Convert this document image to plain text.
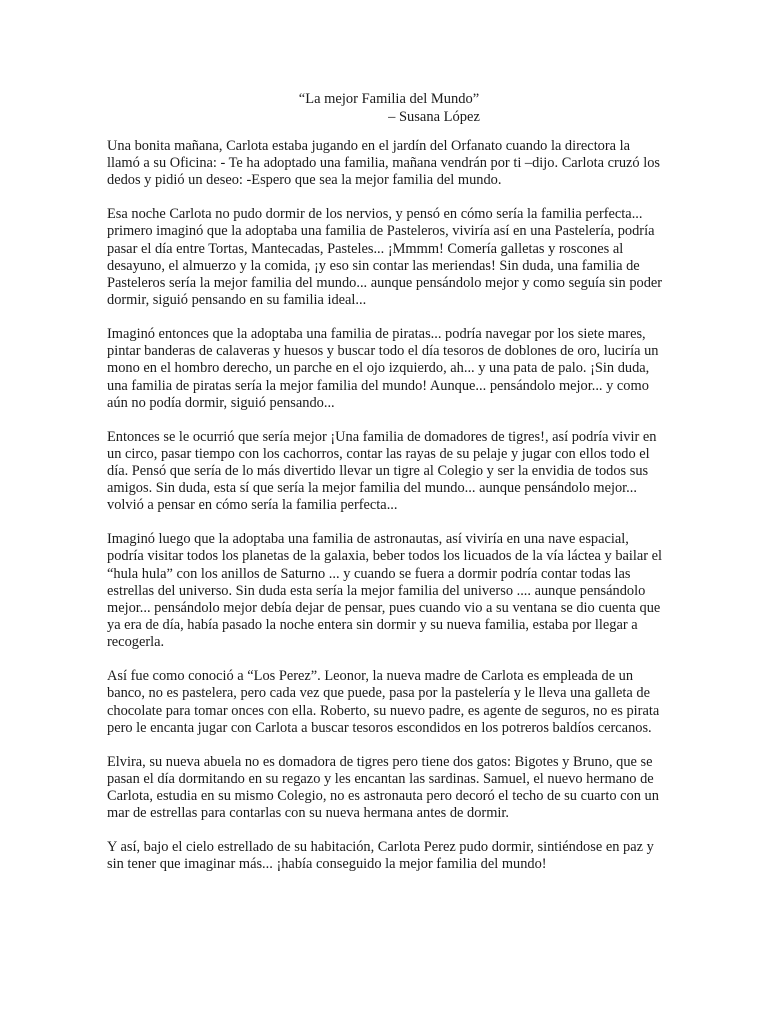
“La mejor Familia del Mundo”
– Susana López

Una bonita mañana, Carlota estaba jugando en el jardín del Orfanato cuando la directora la llamó a su Oficina: - Te ha adoptado una familia, mañana vendrán por ti –dijo. Carlota cruzó los dedos y pidió un deseo: -Espero que sea la mejor familia del mundo.

Esa noche Carlota no pudo dormir de los nervios, y pensó en cómo sería la familia perfecta... primero imaginó que la adoptaba una familia de Pasteleros, viviría así en una Pastelería, podría pasar el día entre Tortas, Mantecadas, Pasteles... ¡Mmmm! Comería galletas y roscones al desayuno, el almuerzo y la comida, ¡y eso sin contar las meriendas! Sin duda, una familia de Pasteleros sería la mejor familia del mundo... aunque pensándolo mejor y como seguía sin poder dormir, siguió pensando en su familia ideal...

Imaginó entonces que la adoptaba una familia de piratas... podría navegar por los siete mares, pintar banderas de calaveras y huesos y buscar todo el día tesoros de doblones de oro, luciría un mono en el hombro derecho, un parche en el ojo izquierdo, ah... y una pata de palo. ¡Sin duda, una familia de piratas sería la mejor familia del mundo! Aunque... pensándolo mejor... y como aún no podía dormir, siguió pensando...

Entonces se le ocurrió que sería mejor ¡Una familia de domadores de tigres!, así podría vivir en un circo, pasar tiempo con los cachorros, contar las rayas de su pelaje y jugar con ellos todo el día. Pensó que sería de lo más divertido llevar un tigre al Colegio y ser la envidia de todos sus amigos. Sin duda, esta sí que sería la mejor familia del mundo... aunque pensándolo mejor... volvió a pensar en cómo sería la familia perfecta...

Imaginó luego que la adoptaba una familia de astronautas, así viviría en una nave espacial, podría visitar todos los planetas de la galaxia, beber todos los licuados de la vía láctea y bailar el “hula hula” con los anillos de Saturno ... y cuando se fuera a dormir podría contar todas las estrellas del universo. Sin duda esta sería la mejor familia del universo .... aunque pensándolo mejor... pensándolo mejor debía dejar de pensar, pues cuando vio a su ventana se dio cuenta que ya era de día, había pasado la noche entera sin dormir y su nueva familia, estaba por llegar a recogerla.

Así fue como conoció a “Los Perez”. Leonor, la nueva madre de Carlota es empleada de un banco, no es pastelera, pero cada vez que puede, pasa por la pastelería y le lleva una galleta de chocolate para tomar onces con ella. Roberto, su nuevo padre, es agente de seguros, no es pirata pero le encanta jugar con Carlota a buscar tesoros escondidos en los potreros baldíos cercanos.

Elvira, su nueva abuela no es domadora de tigres pero tiene dos gatos: Bigotes y Bruno, que se pasan el día dormitando en su regazo y les encantan las sardinas. Samuel, el nuevo hermano de Carlota, estudia en su mismo Colegio, no es astronauta pero decoró el techo de su cuarto con un mar de estrellas para contarlas con su nueva hermana antes de dormir.

Y así, bajo el cielo estrellado de su habitación, Carlota Perez pudo dormir, sintiéndose en paz y sin tener que imaginar más... ¡había conseguido la mejor familia del mundo!
